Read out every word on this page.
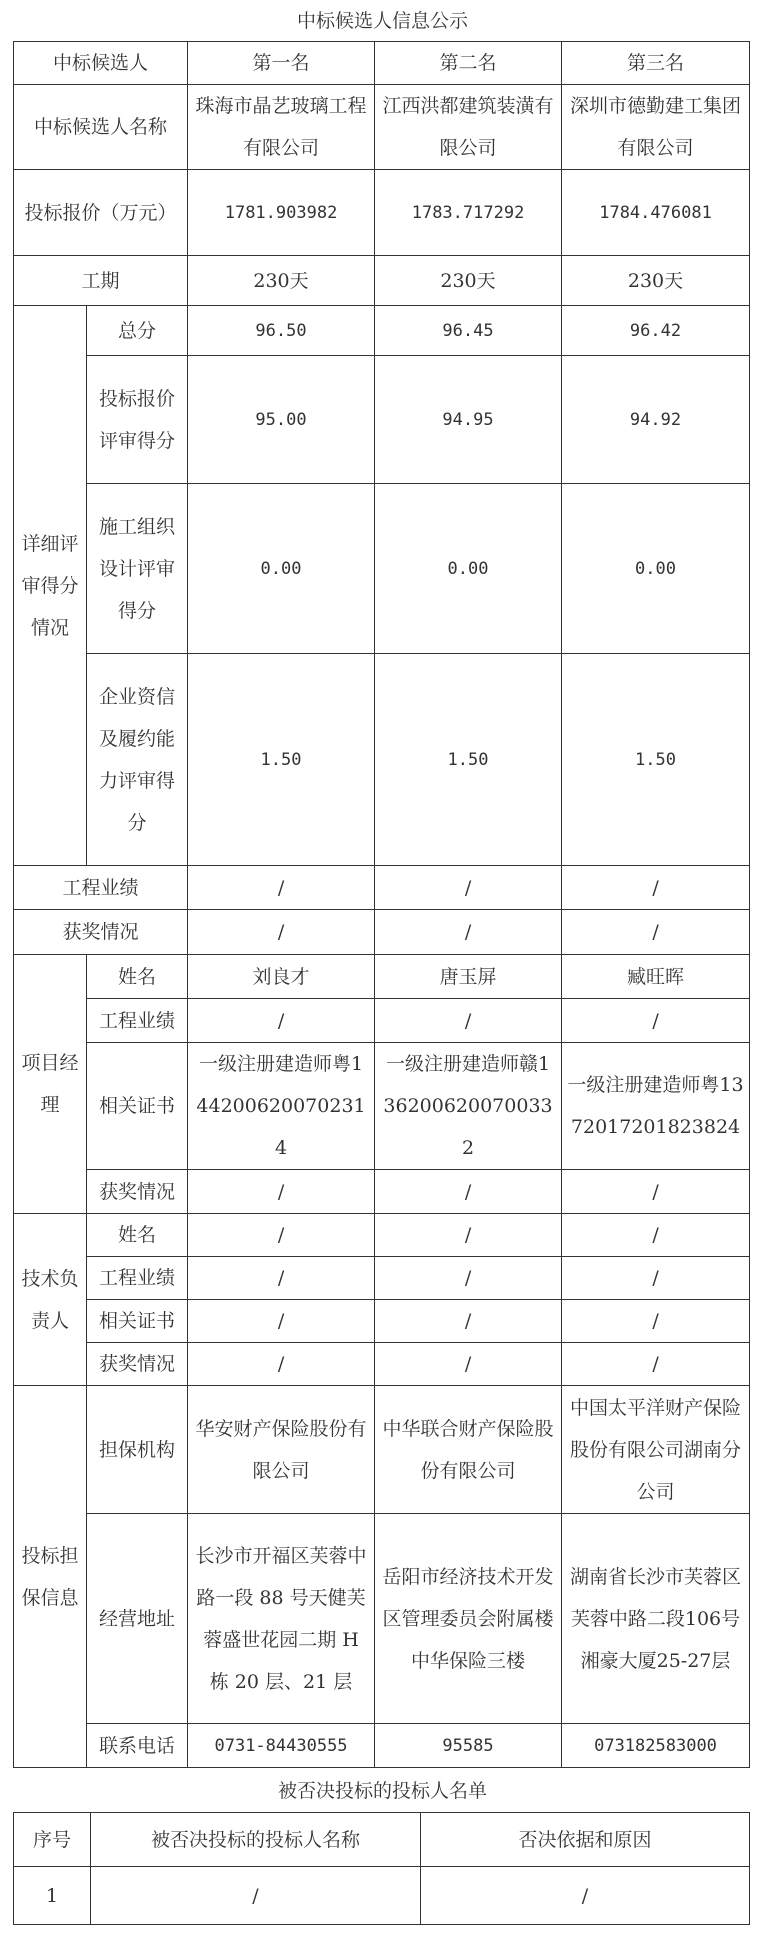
中标候选人信息公示
中标候选人		第一名	第二名	第三名
中标候选人名称		珠海市晶艺玻璃工程有限公司	江西洪都建筑装潢有限公司	深圳市德勤建工集团有限公司
投标报价（万元）		1781.903982	1783.717292	1784.476081
工期		230天	230天	230天
详细评审得分情况	总分	96.50	96.45	96.42
	投标报价评审得分	95.00	94.95	94.92
	施工组织设计评审得分	0.00	0.00	0.00
	企业资信及履约能力评审得分	1.50	1.50	1.50
工程业绩		/	/	/
获奖情况		/	/	/
项目经理	姓名	刘良才	唐玉屏	臧旺晖
	工程业绩	/	/	/
	相关证书	一级注册建造师粤1442006200702314	一级注册建造师赣1362006200700332	一级注册建造师粤1372017201823824
	获奖情况	/	/	/
技术负责人	姓名	/	/	/
	工程业绩	/	/	/
	相关证书	/	/	/
	获奖情况	/	/	/
投标担保信息	担保机构	华安财产保险股份有限公司	中华联合财产保险股份有限公司	中国太平洋财产保险股份有限公司湖南分公司
	经营地址	长沙市开福区芙蓉中路一段 88 号天健芙蓉盛世花园二期 H 栋 20 层、21 层	岳阳市经济技术开发区管理委员会附属楼中华保险三楼	湖南省长沙市芙蓉区芙蓉中路二段106号湘豪大厦25-27层
	联系电话	0731-84430555	95585	073182583000
被否决投标的投标人名单
序号	被否决投标的投标人名称	否决依据和原因
1	/	/
